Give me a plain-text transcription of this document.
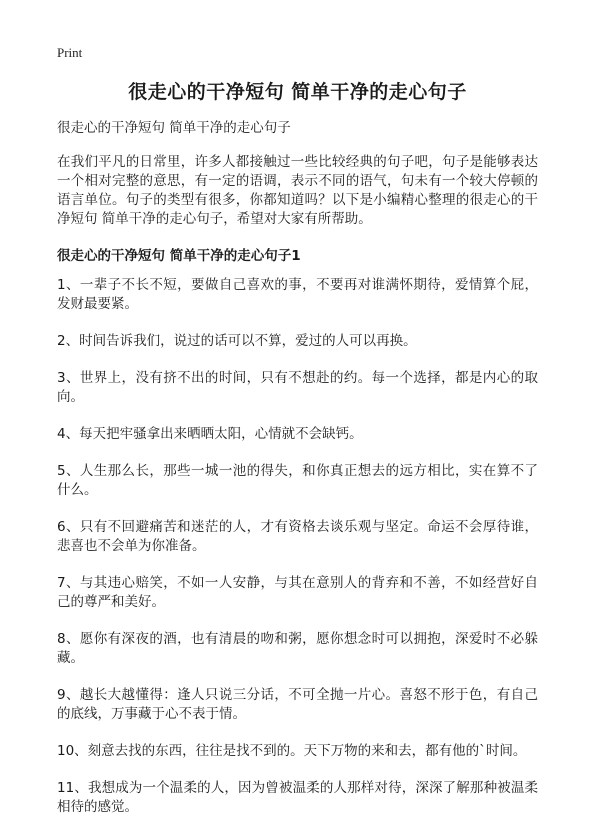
Print
很走心的干净短句 简单干净的走心句子

很走心的干净短句 简单干净的走心句子

在我们平凡的日常里，许多人都接触过一些比较经典的句子吧，句子是能够表达一个相对完整的意思，有一定的语调，表示不同的语气，句未有一个较大停顿的语言单位。句子的类型有很多，你都知道吗？以下是小编精心整理的很走心的干净短句 简单干净的走心句子，希望对大家有所帮助。

很走心的干净短句 简单干净的走心句子1
1、一辈子不长不短，要做自己喜欢的事，不要再对谁满怀期待，爱情算个屁，发财最要紧。
2、时间告诉我们，说过的话可以不算，爱过的人可以再换。
3、世界上，没有挤不出的时间，只有不想赴的约。每一个选择，都是内心的取向。
4、每天把牢骚拿出来晒晒太阳，心情就不会缺钙。
5、人生那么长，那些一城一池的得失，和你真正想去的远方相比，实在算不了什么。
6、只有不回避痛苦和迷茫的人，才有资格去谈乐观与坚定。命运不会厚待谁，悲喜也不会单为你准备。
7、与其违心赔笑，不如一人安静，与其在意别人的背弃和不善，不如经营好自己的尊严和美好。
8、愿你有深夜的酒，也有清晨的吻和粥，愿你想念时可以拥抱，深爱时不必躲藏。
9、越长大越懂得：逢人只说三分话，不可全抛一片心。喜怒不形于色，有自己的底线，万事藏于心不表于情。
10、刻意去找的东西，往往是找不到的。天下万物的来和去，都有他的`时间。
11、我想成为一个温柔的人，因为曾被温柔的人那样对待，深深了解那种被温柔相待的感觉。
